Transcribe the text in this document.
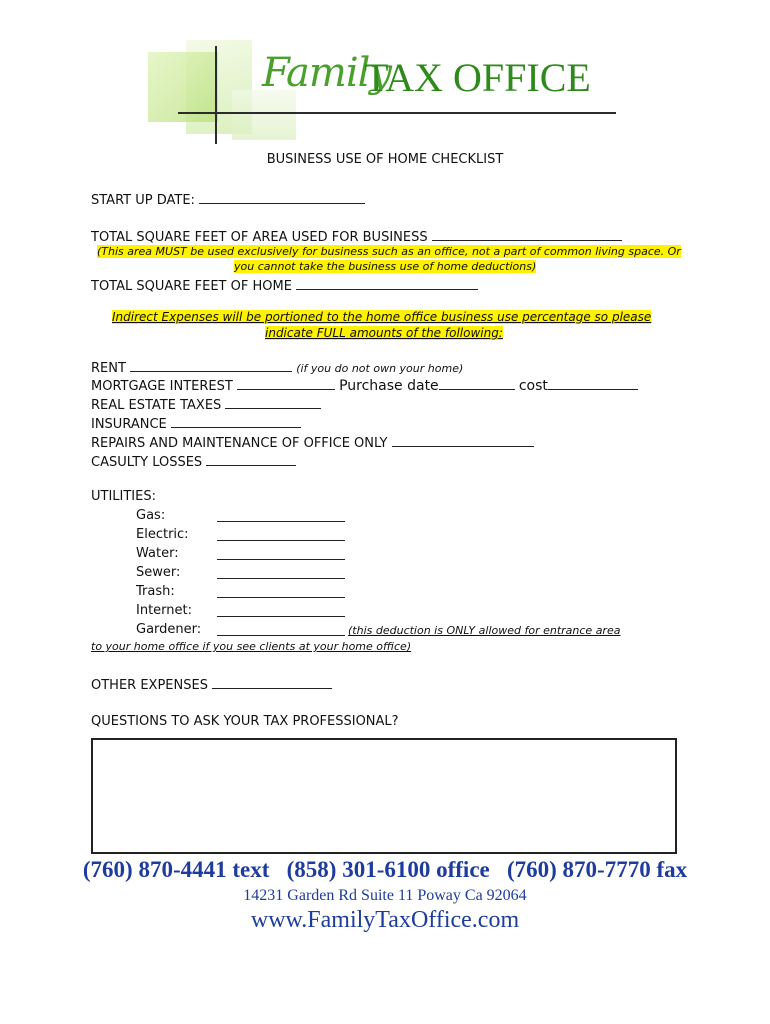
Family
TAX OFFICE
BUSINESS USE OF HOME CHECKLIST
START UP DATE:
TOTAL SQUARE FEET OF AREA USED FOR BUSINESS
(This area MUST be used exclusively for business such as an office, not a part of common living space. Or
you cannot take the business use of home deductions)
TOTAL SQUARE FEET OF HOME
Indirect Expenses will be portioned to the home office business use percentage so please
indicate FULL amounts of the following:
RENT	(if you do not own your home)
MORTGAGE INTEREST	Purchase date	cost
REAL ESTATE TAXES
INSURANCE
REPAIRS AND MAINTENANCE OF OFFICE ONLY
CASULTY LOSSES
UTILITIES:
Gas:
Electric:
Water:
Sewer:
Trash:
Internet:
Gardener:	(this deduction is ONLY allowed for entrance area
to your home office if you see clients at your home office)
OTHER EXPENSES
QUESTIONS TO ASK YOUR TAX PROFESSIONAL?
(760) 870-4441 text   (858) 301-6100 office   (760) 870-7770 fax
14231 Garden Rd Suite 11 Poway Ca 92064
www.FamilyTaxOffice.com
